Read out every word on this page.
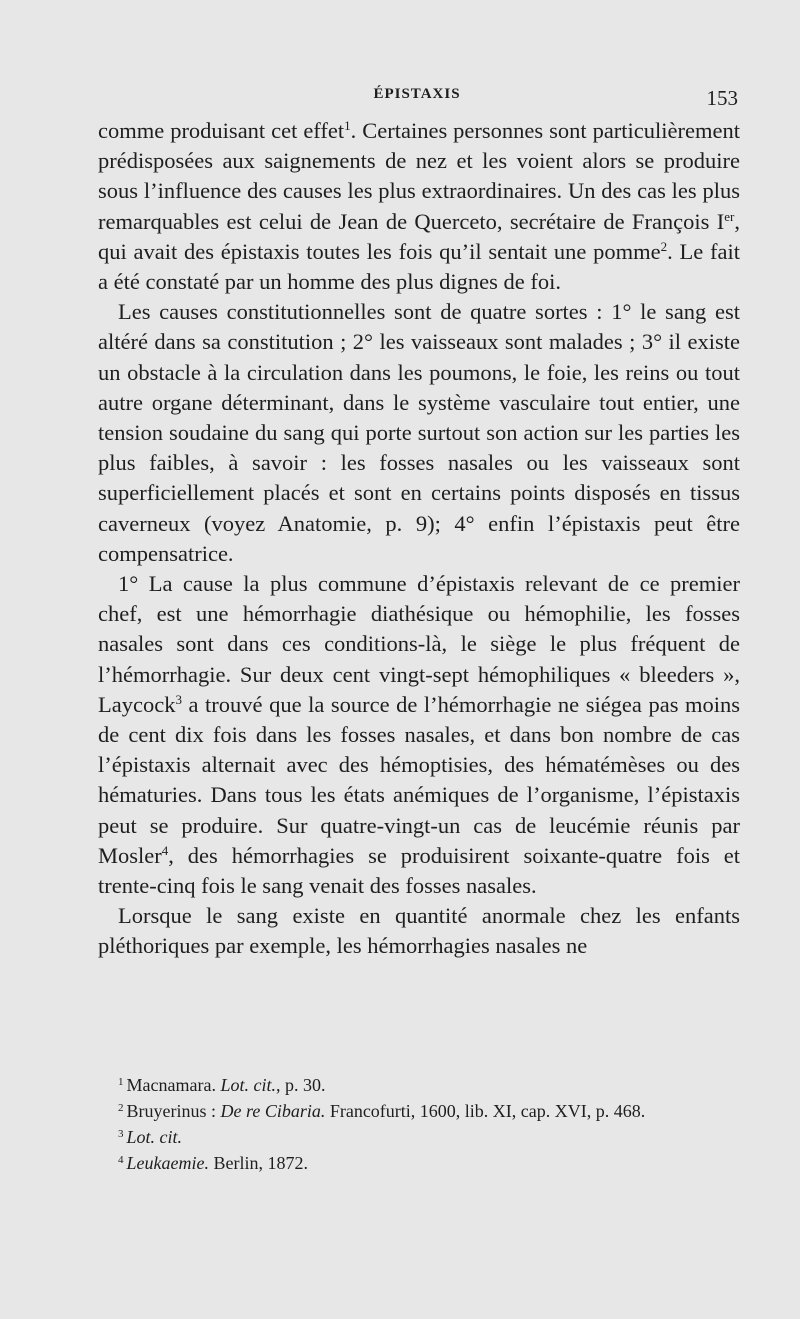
ÉPISTAXIS	153

comme produisant cet effet$^1$. Certaines personnes sont particulièrement prédisposées aux saignements de nez et les voient alors se produire sous l’influence des causes les plus extraordinaires. Un des cas les plus remarquables est celui de Jean de Querceto, secrétaire de François Ier, qui avait des épistaxis toutes les fois qu’il sentait une pomme$^2$. Le fait a été constaté par un homme des plus dignes de foi.

Les causes constitutionnelles sont de quatre sortes : 1° le sang est altéré dans sa constitution ; 2° les vaisseaux sont malades ; 3° il existe un obstacle à la circulation dans les poumons, le foie, les reins ou tout autre organe déterminant, dans le système vasculaire tout entier, une tension soudaine du sang qui porte surtout son action sur les parties les plus faibles, à savoir : les fosses nasales ou les vaisseaux sont superficiellement placés et sont en certains points disposés en tissus caverneux (voyez Anatomie, p. 9); 4° enfin l’épistaxis peut être compensatrice.

1° La cause la plus commune d’épistaxis relevant de ce premier chef, est une hémorrhagie diathésique ou hémophilie, les fosses nasales sont dans ces conditions-là, le siège le plus fréquent de l’hémorrhagie. Sur deux cent vingt-sept hémophiliques « bleeders », Laycock$^3$ a trouvé que la source de l’hémorrhagie ne siégea pas moins de cent dix fois dans les fosses nasales, et dans bon nombre de cas l’épistaxis alternait avec des hémoptisies, des hématémèses ou des hématuries. Dans tous les états anémiques de l’organisme, l’épistaxis peut se produire. Sur quatre-vingt-un cas de leucémie réunis par Mosler$^4$, des hémorrhagies se produisirent soixante-quatre fois et trente-cinq fois le sang venait des fosses nasales.

Lorsque le sang existe en quantité anormale chez les enfants pléthoriques par exemple, les hémorrhagies nasales ne

$^1$ Macnamara. Lot. cit., p. 30.

$^2$ Bruyerinus : De re Cibaria. Francofurti, 1600, lib. XI, cap. XVI, p. 468.

$^3$ Lot. cit.

$^4$ Leukaemie. Berlin, 1872.
